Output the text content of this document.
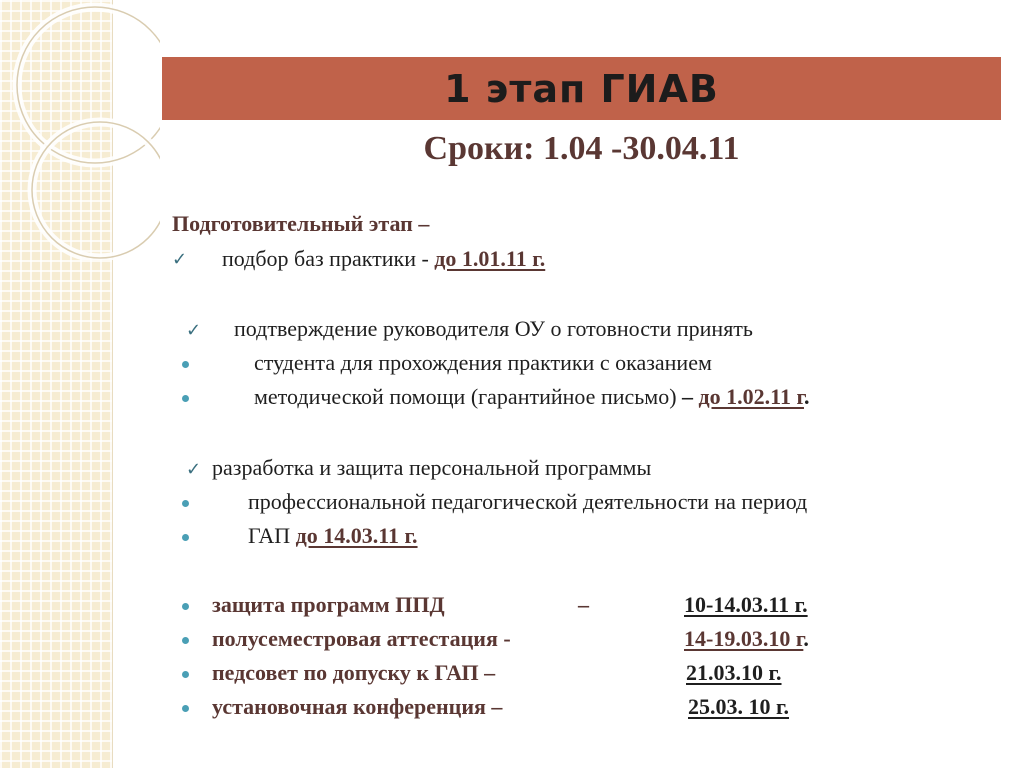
1 этап ГИАВ
Сроки: 1.04 -30.04.11
Подготовительный этап –
✓ подбор баз практики - до 1.01.11 г.
✓ подтверждение руководителя ОУ о готовности принять
студента для прохождения практики с оказанием
методической помощи (гарантийное письмо) – до 1.02.11 г.
✓ разработка и защита персональной программы
профессиональной педагогической деятельности на период
ГАП до 14.03.11 г.
защита программ ППД	–	10-14.03.11 г.
полусеместровая аттестация -	14-19.03.10 г.
педсовет по допуску к ГАП –	21.03.10 г.
установочная конференция –	25.03. 10 г.
